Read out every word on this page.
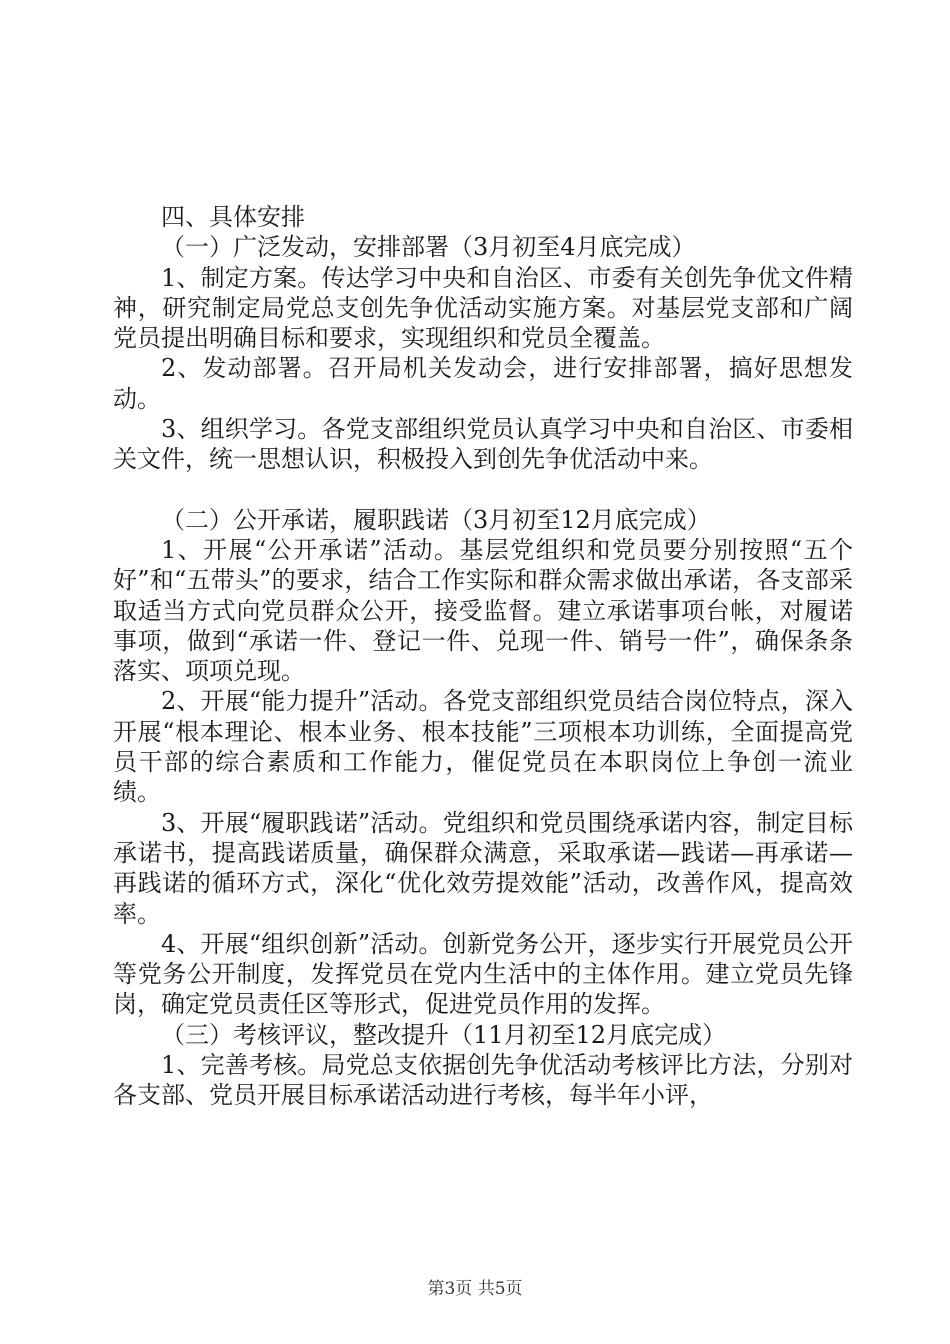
四、具体安排

（一）广泛发动，安排部署（3月初至4月底完成）

1、制定方案。传达学习中央和自治区、市委有关创先争优文件精神，研究制定局党总支创先争优活动实施方案。对基层党支部和广阔党员提出明确目标和要求，实现组织和党员全覆盖。

2、发动部署。召开局机关发动会，进行安排部署，搞好思想发动。

3、组织学习。各党支部组织党员认真学习中央和自治区、市委相关文件，统一思想认识，积极投入到创先争优活动中来。

（二）公开承诺，履职践诺（3月初至12月底完成）

1、开展“公开承诺”活动。基层党组织和党员要分别按照“五个好”和“五带头”的要求，结合工作实际和群众需求做出承诺，各支部采取适当方式向党员群众公开，接受监督。建立承诺事项台帐，对履诺事项，做到“承诺一件、登记一件、兑现一件、销号一件”，确保条条落实、项项兑现。

2、开展“能力提升”活动。各党支部组织党员结合岗位特点，深入开展“根本理论、根本业务、根本技能”三项根本功训练，全面提高党员干部的综合素质和工作能力，催促党员在本职岗位上争创一流业绩。

3、开展“履职践诺”活动。党组织和党员围绕承诺内容，制定目标承诺书，提高践诺质量，确保群众满意，采取承诺—践诺—再承诺—再践诺的循环方式，深化“优化效劳提效能”活动，改善作风，提高效率。

4、开展“组织创新”活动。创新党务公开，逐步实行开展党员公开等党务公开制度，发挥党员在党内生活中的主体作用。建立党员先锋岗，确定党员责任区等形式，促进党员作用的发挥。

（三）考核评议，整改提升（11月初至12月底完成）

1、完善考核。局党总支依据创先争优活动考核评比方法，分别对各支部、党员开展目标承诺活动进行考核，每半年小评，

第3页 共5页
